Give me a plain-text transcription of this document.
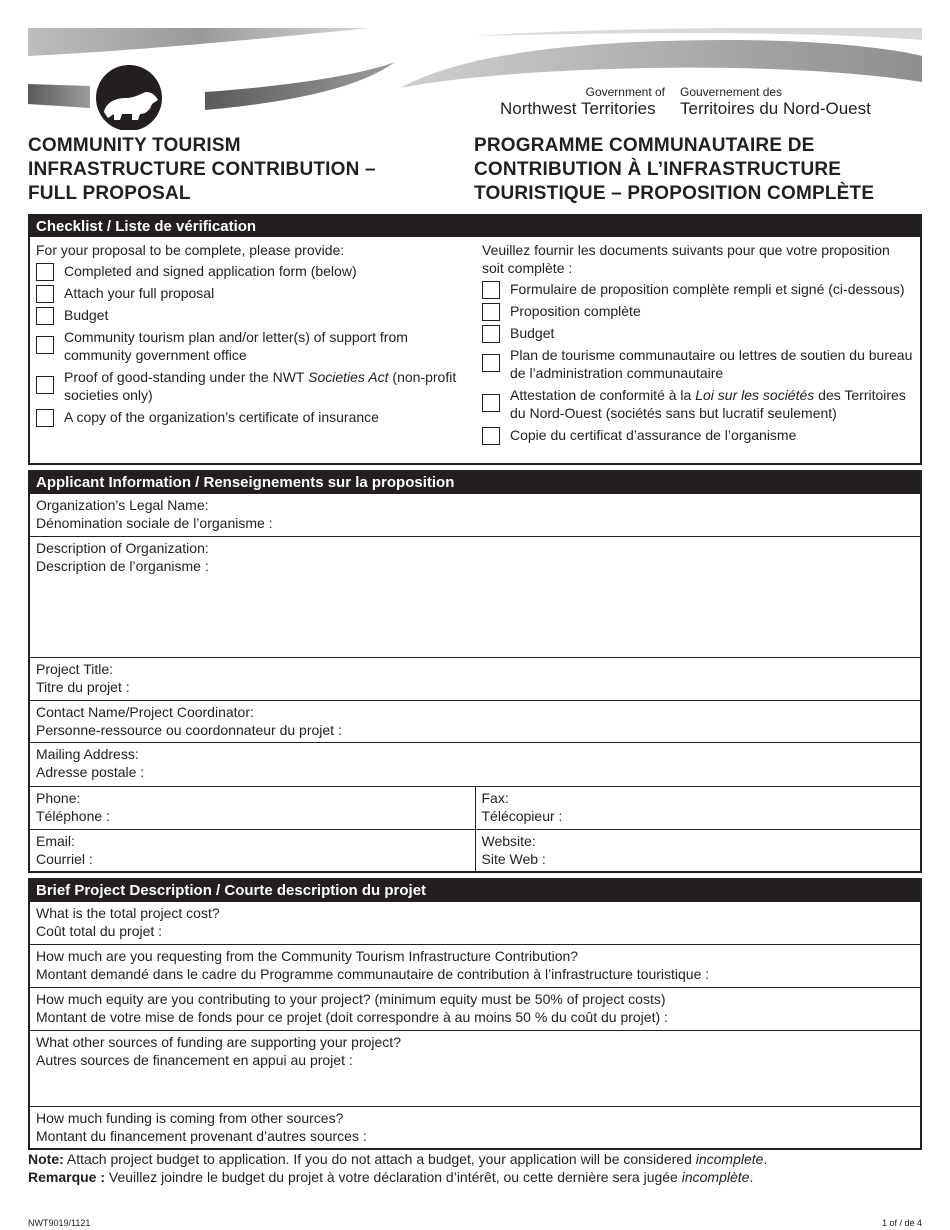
Government of
Northwest Territories
Gouvernement des
Territoires du Nord-Ouest
COMMUNITY TOURISM
INFRASTRUCTURE CONTRIBUTION –
FULL PROPOSAL
PROGRAMME COMMUNAUTAIRE DE
CONTRIBUTION À L’INFRASTRUCTURE
TOURISTIQUE – PROPOSITION COMPLÈTE
Checklist / Liste de vérification
For your proposal to be complete, please provide:
Completed and signed application form (below)
Attach your full proposal
Budget
Community tourism plan and/or letter(s) of support from
community government office
Proof of good-standing under the NWT Societies Act (non-profit
societies only)
A copy of the organization’s certificate of insurance
Veuillez fournir les documents suivants pour que votre proposition
soit complète :
Formulaire de proposition complète rempli et signé (ci-dessous)
Proposition complète
Budget
Plan de tourisme communautaire ou lettres de soutien du bureau
de l’administration communautaire
Attestation de conformité à la Loi sur les sociétés des Territoires
du Nord-Ouest (sociétés sans but lucratif seulement)
Copie du certificat d’assurance de l’organisme
Applicant Information / Renseignements sur la proposition
Organization’s Legal Name:
Dénomination sociale de l’organisme :
Description of Organization:
Description de l’organisme :
Project Title:
Titre du projet :
Contact Name/Project Coordinator:
Personne-ressource ou coordonnateur du projet :
Mailing Address:
Adresse postale :
Phone:
Téléphone :
Fax:
Télécopieur :
Email:
Courriel :
Website:
Site Web :
Brief Project Description / Courte description du projet
What is the total project cost?
Coût total du projet :
How much are you requesting from the Community Tourism Infrastructure Contribution?
Montant demandé dans le cadre du Programme communautaire de contribution à l’infrastructure touristique :
How much equity are you contributing to your project? (minimum equity must be 50% of project costs)
Montant de votre mise de fonds pour ce projet (doit correspondre à au moins 50 % du coût du projet) :
What other sources of funding are supporting your project?
Autres sources de financement en appui au projet :
How much funding is coming from other sources?
Montant du financement provenant d’autres sources :
Note: Attach project budget to application. If you do not attach a budget, your application will be considered incomplete.
Remarque : Veuillez joindre le budget du projet à votre déclaration d’intérêt, ou cette dernière sera jugée incomplète.
NWT9019/1121	1 of / de 4
